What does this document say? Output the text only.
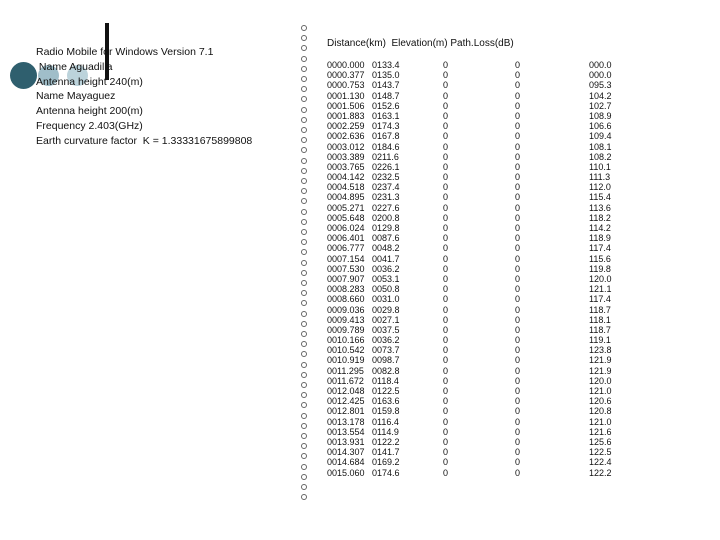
Radio Mobile for Windows Version 7.1
Name Aguadilla
Antenna height 240(m)
Name Mayaguez
Antenna height 200(m)
Frequency 2.403(GHz)
Earth curvature factor  K = 1.33331675899808
Distance(km)  Elevation(m) Path.Loss(dB)
0000.000 0133.4	0	0	000.0
0000.377 0135.0	0	0	000.0
0000.753 0143.7	0	0	095.3
0001.130 0148.7	0	0	104.2
0001.506 0152.6	0	0	102.7
0001.883 0163.1	0	0	108.9
0002.259 0174.3	0	0	106.6
0002.636 0167.8	0	0	109.4
0003.012 0184.6	0	0	108.1
0003.389 0211.6	0	0	108.2
0003.765 0226.1	0	0	110.1
0004.142 0232.5	0	0	111.3
0004.518 0237.4	0	0	112.0
0004.895 0231.3	0	0	115.4
0005.271 0227.6	0	0	113.6
0005.648 0200.8	0	0	118.2
0006.024 0129.8	0	0	114.2
0006.401 0087.6	0	0	118.9
0006.777 0048.2	0	0	117.4
0007.154 0041.7	0	0	115.6
0007.530 0036.2	0	0	119.8
0007.907 0053.1	0	0	120.0
0008.283 0050.8	0	0	121.1
0008.660 0031.0	0	0	117.4
0009.036 0029.8	0	0	118.7
0009.413 0027.1	0	0	118.1
0009.789 0037.5	0	0	118.7
0010.166 0036.2	0	0	119.1
0010.542 0073.7	0	0	123.8
0010.919 0098.7	0	0	121.9
0011.295 0082.8	0	0	121.9
0011.672 0118.4	0	0	120.0
0012.048 0122.5	0	0	121.0
0012.425 0163.6	0	0	120.6
0012.801 0159.8	0	0	120.8
0013.178 0116.4	0	0	121.0
0013.554 0114.9	0	0	121.6
0013.931 0122.2	0	0	125.6
0014.307 0141.7	0	0	122.5
0014.684 0169.2	0	0	122.4
0015.060 0174.6	0	0	122.2
